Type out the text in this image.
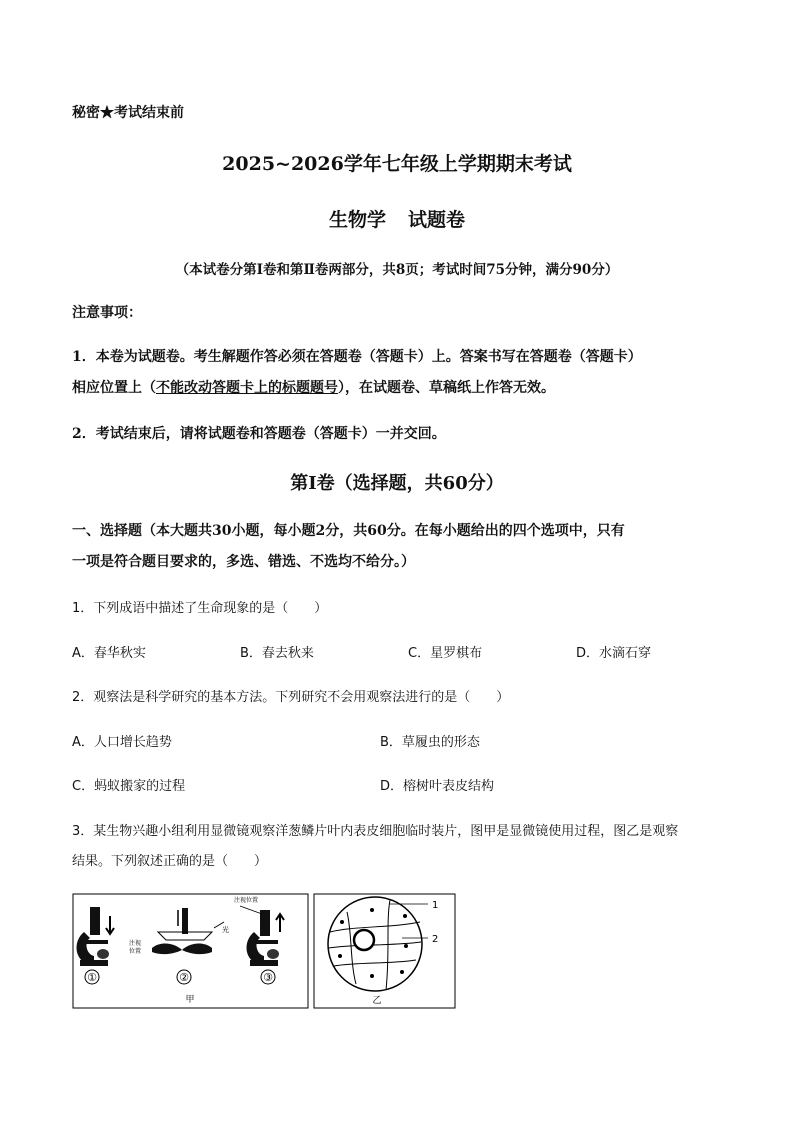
秘密★考试结束前
2025~2026学年七年级上学期期末考试
生物学 试题卷
（本试卷分第Ⅰ卷和第Ⅱ卷两部分，共8页；考试时间75分钟，满分90分）
注意事项：
1．本卷为试题卷。考生解题作答必须在答题卷（答题卡）上。答案书写在答题卷（答题卡）
相应位置上（不能改动答题卡上的标题题号），在试题卷、草稿纸上作答无效。
2．考试结束后，请将试题卷和答题卷（答题卡）一并交回。
第Ⅰ卷（选择题，共60分）
一、选择题（本大题共30小题，每小题2分，共60分。在每小题给出的四个选项中，只有
一项是符合题目要求的，多选、错选、不选均不给分。）
1．下列成语中描述了生命现象的是（　　）
A．春华秋实	B．春去秋来	C．星罗棋布	D．水滴石穿
2．观察法是科学研究的基本方法。下列研究不会用观察法进行的是（　　）
A．人口增长趋势	B．草履虫的形态
C．蚂蚁搬家的过程	D．榕树叶表皮结构
3．某生物兴趣小组利用显微镜观察洋葱鳞片叶内表皮细胞临时装片，图甲是显微镜使用过程，图乙是观察
结果。下列叙述正确的是（　　）
注视
位置
①
光
②
注视位置
③
甲
1
2
乙
